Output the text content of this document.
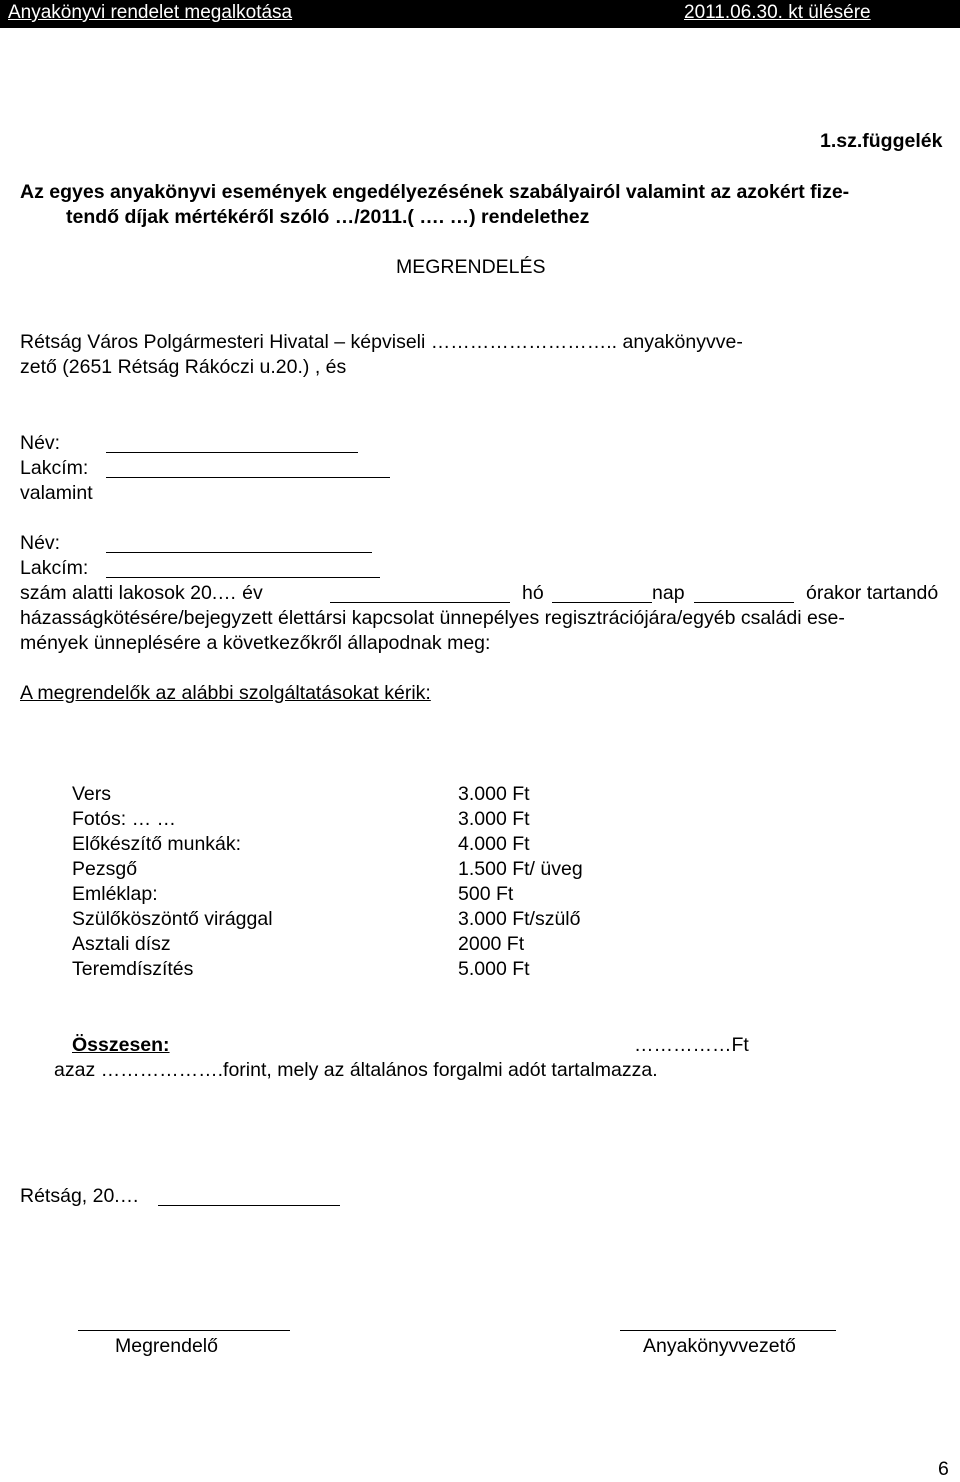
Anyakönyvi rendelet megalkotása	2011.06.30. kt ülésére
1.sz.függelék
Az egyes anyakönyvi események engedélyezésének szabályairól valamint az azokért fize-
tendő díjak mértékéről szóló …/2011.( …. …) rendelethez
MEGRENDELÉS
Rétság Város Polgármesteri Hivatal – képviseli ……………………….. anyakönyvve-
zető (2651 Rétság Rákóczi u.20.) , és
Név:
Lakcím:
valamint
Név:
Lakcím:
szám alatti lakosok 20.… év	hó	nap	órakor tartandó
házasságkötésére/bejegyzett élettársi kapcsolat ünnepélyes regisztrációjára/egyéb családi ese-
mények ünneplésére a következőkről állapodnak meg:
A megrendelők az alábbi szolgáltatásokat kérik:
Vers	3.000 Ft
Fotós: … …	3.000 Ft
Előkészítő munkák:	4.000 Ft
Pezsgő	1.500 Ft/ üveg
Emléklap:	500 Ft
Szülőköszöntő virággal	3.000 Ft/szülő
Asztali dísz	2000 Ft
Teremdíszítés	5.000 Ft
Összesen:	……………Ft
azaz ……………….forint, mely az általános forgalmi adót tartalmazza.
Rétság, 20.…
Megrendelő	Anyakönyvvezető
6
